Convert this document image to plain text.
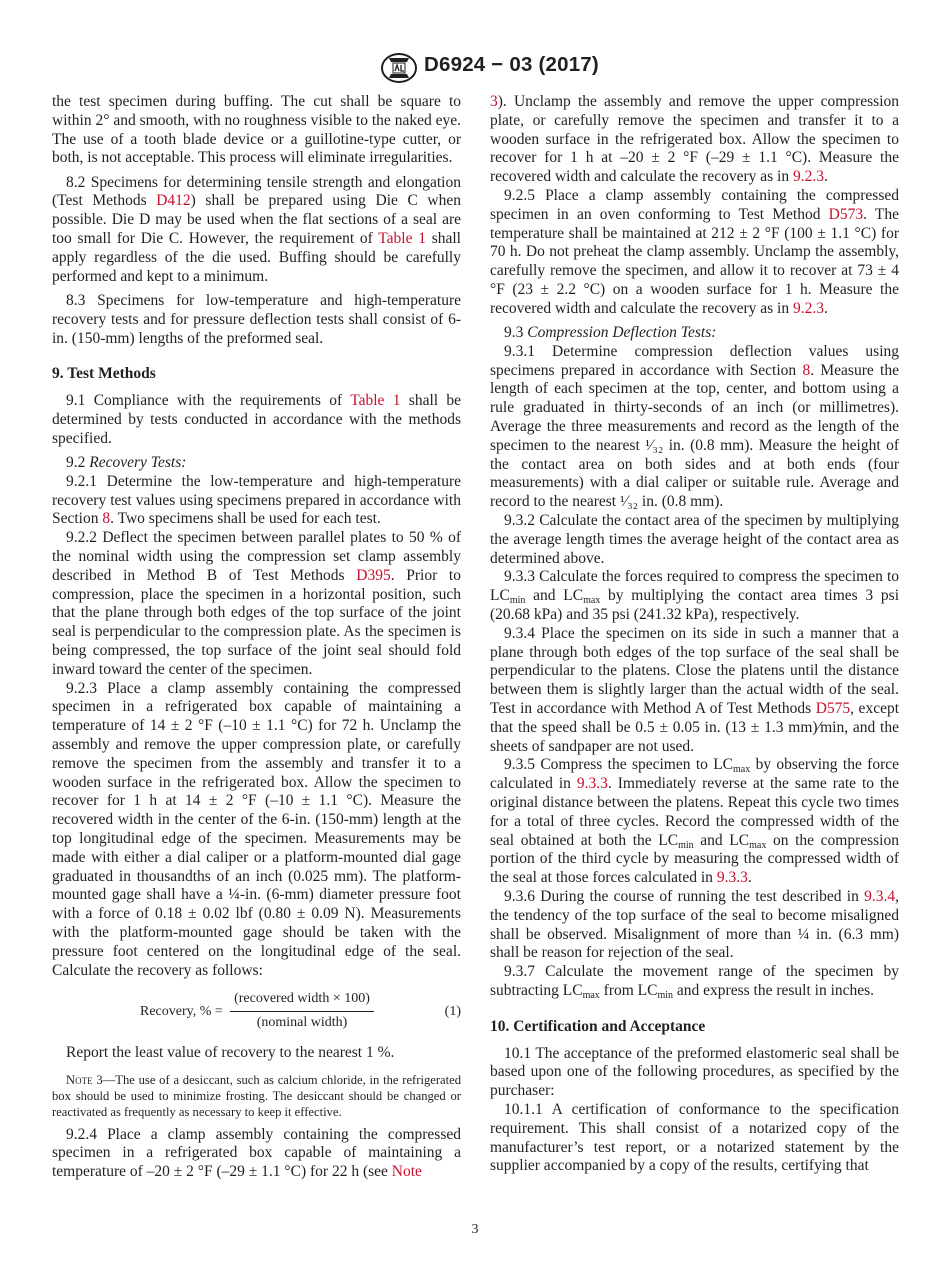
D6924 − 03 (2017)

the test specimen during buffing. The cut shall be square to within 2° and smooth, with no roughness visible to the naked eye. The use of a tooth blade device or a guillotine-type cutter, or both, is not acceptable. This process will eliminate irregularities.

8.2 Specimens for determining tensile strength and elongation (Test Methods D412) shall be prepared using Die C when possible. Die D may be used when the flat sections of a seal are too small for Die C. However, the requirement of Table 1 shall apply regardless of the die used. Buffing should be carefully performed and kept to a minimum.

8.3 Specimens for low-temperature and high-temperature recovery tests and for pressure deflection tests shall consist of 6-in. (150-mm) lengths of the preformed seal.

9. Test Methods

9.1 Compliance with the requirements of Table 1 shall be determined by tests conducted in accordance with the methods specified.

9.2 Recovery Tests:

9.2.1 Determine the low-temperature and high-temperature recovery test values using specimens prepared in accordance with Section 8. Two specimens shall be used for each test.

9.2.2 Deflect the specimen between parallel plates to 50 % of the nominal width using the compression set clamp assembly described in Method B of Test Methods D395. Prior to compression, place the specimen in a horizontal position, such that the plane through both edges of the top surface of the joint seal is perpendicular to the compression plate. As the specimen is being compressed, the top surface of the joint seal should fold inward toward the center of the specimen.

9.2.3 Place a clamp assembly containing the compressed specimen in a refrigerated box capable of maintaining a temperature of 14 ± 2 °F (–10 ± 1.1 °C) for 72 h. Unclamp the assembly and remove the upper compression plate, or carefully remove the specimen from the assembly and transfer it to a wooden surface in the refrigerated box. Allow the specimen to recover for 1 h at 14 ± 2 °F (–10 ± 1.1 °C). Measure the recovered width in the center of the 6-in. (150-mm) length at the top longitudinal edge of the specimen. Measurements may be made with either a dial caliper or a platform-mounted dial gage graduated in thousandths of an inch (0.025 mm). The platform-mounted gage shall have a ¼-in. (6-mm) diameter pressure foot with a force of 0.18 ± 0.02 lbf (0.80 ± 0.09 N). Measurements with the platform-mounted gage should be taken with the pressure foot centered on the longitudinal edge of the seal. Calculate the recovery as follows:

Recovery, % =
(recovered width × 100)
(nominal width)
(1)

Report the least value of recovery to the nearest 1 %.

Note 3—The use of a desiccant, such as calcium chloride, in the refrigerated box should be used to minimize frosting. The desiccant should be changed or reactivated as frequently as necessary to keep it effective.

9.2.4 Place a clamp assembly containing the compressed specimen in a refrigerated box capable of maintaining a temperature of –20 ± 2 °F (–29 ± 1.1 °C) for 22 h (see Note

3). Unclamp the assembly and remove the upper compression plate, or carefully remove the specimen and transfer it to a wooden surface in the refrigerated box. Allow the specimen to recover for 1 h at –20 ± 2 °F (–29 ± 1.1 °C). Measure the recovered width and calculate the recovery as in 9.2.3.

9.2.5 Place a clamp assembly containing the compressed specimen in an oven conforming to Test Method D573. The temperature shall be maintained at 212 ± 2 °F (100 ± 1.1 °C) for 70 h. Do not preheat the clamp assembly. Unclamp the assembly, carefully remove the specimen, and allow it to recover at 73 ± 4 °F (23 ± 2.2 °C) on a wooden surface for 1 h. Measure the recovered width and calculate the recovery as in 9.2.3.

9.3 Compression Deflection Tests:

9.3.1 Determine compression deflection values using specimens prepared in accordance with Section 8. Measure the length of each specimen at the top, center, and bottom using a rule graduated in thirty-seconds of an inch (or millimetres). Average the three measurements and record as the length of the specimen to the nearest ¹⁄₃₂ in. (0.8 mm). Measure the height of the contact area on both sides and at both ends (four measurements) with a dial caliper or suitable rule. Average and record to the nearest ¹⁄₃₂ in. (0.8 mm).

9.3.2 Calculate the contact area of the specimen by multiplying the average length times the average height of the contact area as determined above.

9.3.3 Calculate the forces required to compress the specimen to $LC_{min}$ and $LC_{max}$ by multiplying the contact area times 3 psi (20.68 kPa) and 35 psi (241.32 kPa), respectively.

9.3.4 Place the specimen on its side in such a manner that a plane through both edges of the top surface of the seal shall be perpendicular to the platens. Close the platens until the distance between them is slightly larger than the actual width of the seal. Test in accordance with Method A of Test Methods D575, except that the speed shall be 0.5 ± 0.05 in. (13 ± 1.3 mm)⁄min, and the sheets of sandpaper are not used.

9.3.5 Compress the specimen to $LC_{max}$ by observing the force calculated in 9.3.3. Immediately reverse at the same rate to the original distance between the platens. Repeat this cycle two times for a total of three cycles. Record the compressed width of the seal obtained at both the $LC_{min}$ and $LC_{max}$ on the compression portion of the third cycle by measuring the compressed width of the seal at those forces calculated in 9.3.3.

9.3.6 During the course of running the test described in 9.3.4, the tendency of the top surface of the seal to become misaligned shall be observed. Misalignment of more than ¼ in. (6.3 mm) shall be reason for rejection of the seal.

9.3.7 Calculate the movement range of the specimen by subtracting $LC_{max}$ from $LC_{min}$ and express the result in inches.

10. Certification and Acceptance

10.1 The acceptance of the preformed elastomeric seal shall be based upon one of the following procedures, as specified by the purchaser:

10.1.1 A certification of conformance to the specification requirement. This shall consist of a notarized copy of the manufacturer’s test report, or a notarized statement by the supplier accompanied by a copy of the results, certifying that

3
